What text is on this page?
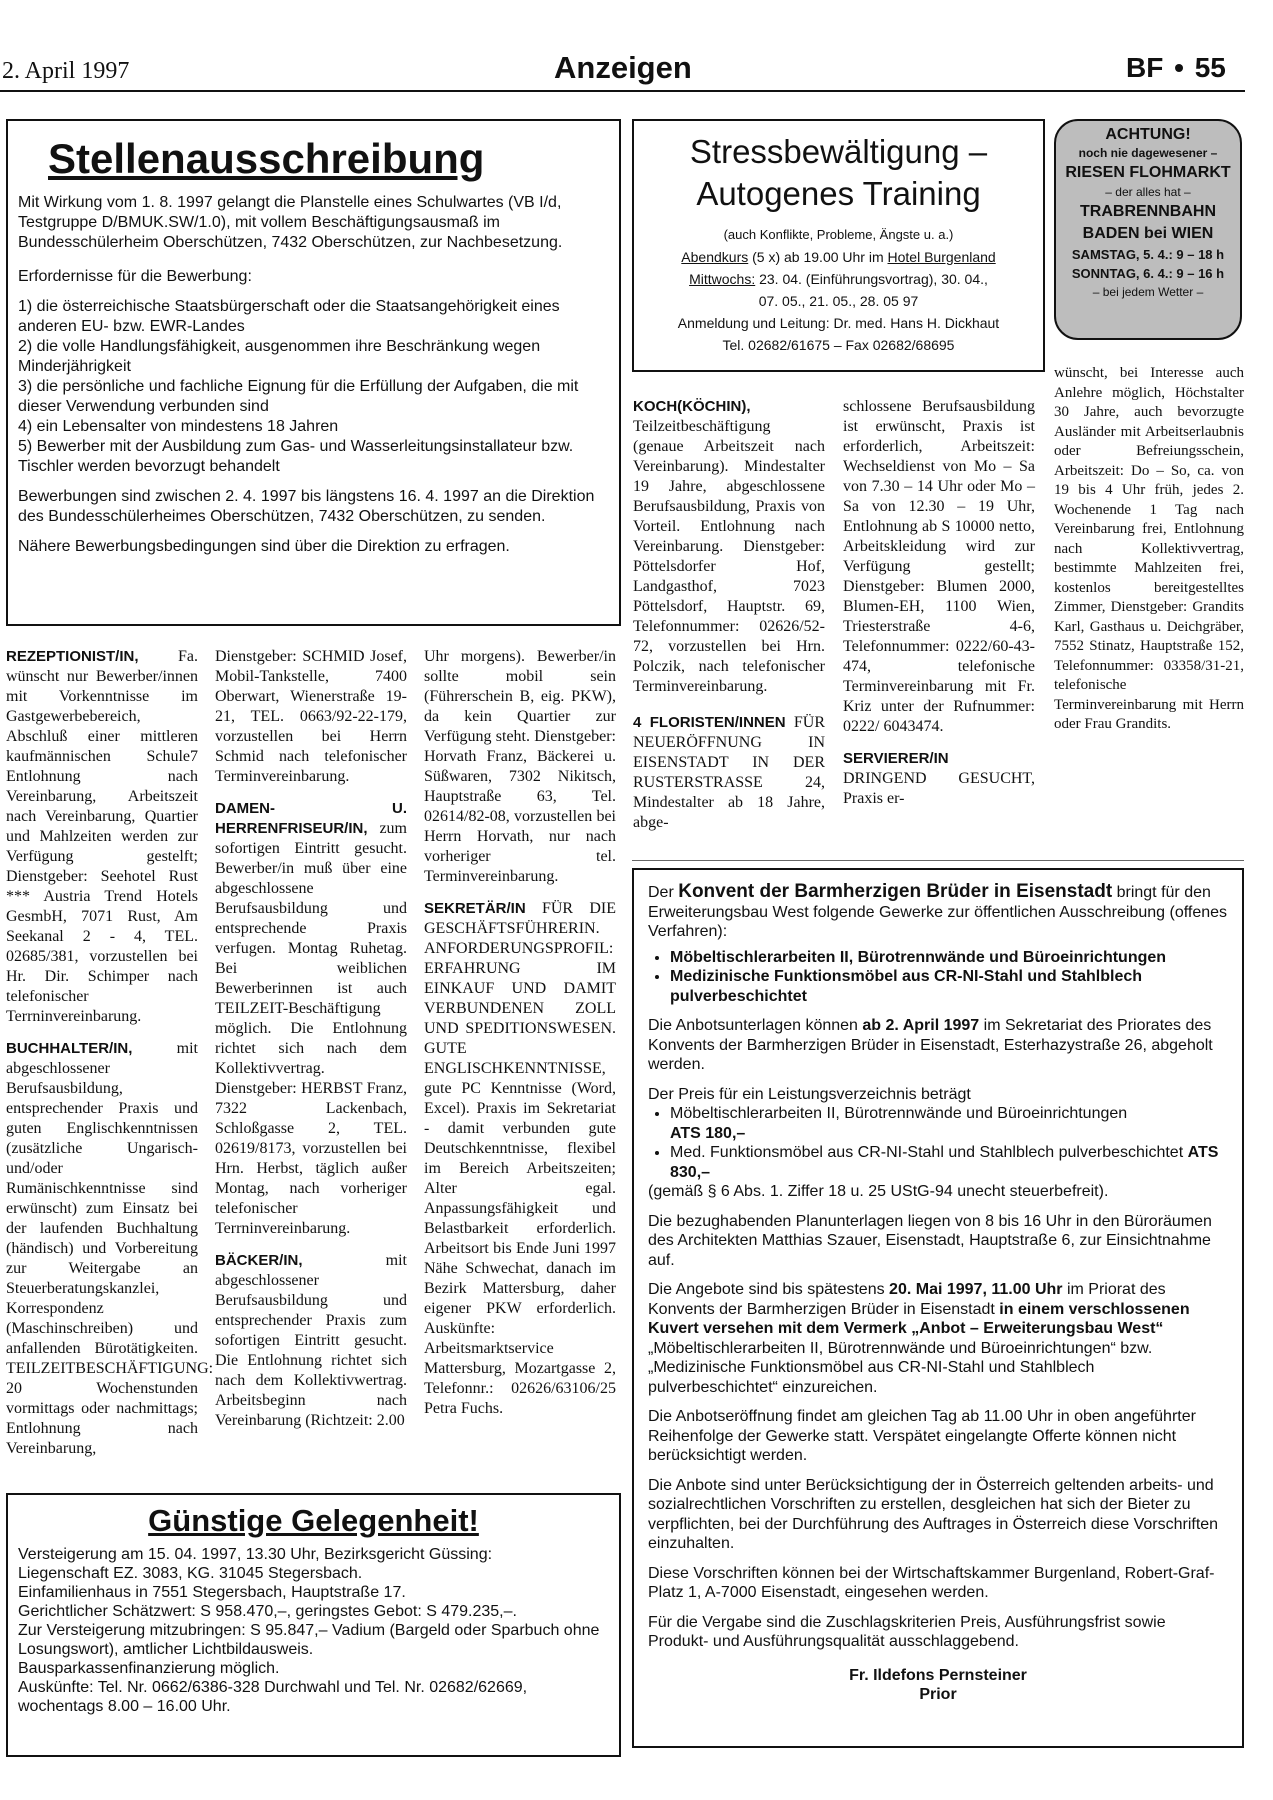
2. April 1997	Anzeigen	BF • 55
Stellenausschreibung

Mit Wirkung vom 1. 8. 1997 gelangt die Planstelle eines Schulwartes (VB I/d, Testgruppe D/BMUK.SW/1.0), mit vollem Beschäftigungsausmaß im Bundesschülerheim Oberschützen, 7432 Oberschützen, zur Nachbesetzung.

Erfordernisse für die Bewerbung:

1) die österreichische Staatsbürgerschaft oder die Staatsangehörigkeit eines anderen EU- bzw. EWR-Landes

2) die volle Handlungsfähigkeit, ausgenommen ihre Beschränkung wegen Minderjährigkeit

3) die persönliche und fachliche Eignung für die Erfüllung der Aufgaben, die mit dieser Verwendung verbunden sind

4) ein Lebensalter von mindestens 18 Jahren

5) Bewerber mit der Ausbildung zum Gas- und Wasserleitungsinstallateur bzw. Tischler werden bevorzugt behandelt

Bewerbungen sind zwischen 2. 4. 1997 bis längstens 16. 4. 1997 an die Direktion des Bundesschülerheimes Oberschützen, 7432 Oberschützen, zu senden.

Nähere Bewerbungsbedingungen sind über die Direktion zu erfragen.

Stressbewältigung –
Autogenes Training
(auch Konflikte, Probleme, Ängste u. a.)
Abendkurs (5 x) ab 19.00 Uhr im Hotel Burgenland
Mittwochs: 23. 04. (Einführungsvortrag), 30. 04.,
07. 05., 21. 05., 28. 05 97
Anmeldung und Leitung: Dr. med. Hans H. Dickhaut
Tel. 02682/61675 – Fax 02682/68695
ACHTUNG!
noch nie dagewesener –
RIESEN FLOHMARKT
– der alles hat –
TRABRENNBAHN
BADEN bei WIEN
SAMSTAG, 5. 4.: 9 – 18 h
SONNTAG, 6. 4.: 9 – 16 h
– bei jedem Wetter –

wünscht, bei Interesse auch Anlehre möglich, Höchstalter 30 Jahre, auch bevorzugte Ausländer mit Arbeitserlaubnis oder Befreiungsschein, Arbeitszeit: Do – So, ca. von 19 bis 4 Uhr früh, jedes 2. Wochenende 1 Tag nach Vereinbarung frei, Entlohnung nach Kollektivvertrag, bestimmte Mahlzeiten frei, kostenlos bereitgestelltes Zimmer, Dienstgeber: Grandits Karl, Gasthaus u. Deichgräber, 7552 Stinatz, Hauptstraße 152, Telefonnummer: 03358/31-21, telefonische Terminvereinbarung mit Herrn oder Frau Grandits.

KOCH(KÖCHIN), Teilzeitbeschäftigung (genaue Arbeitszeit nach Vereinbarung). Mindestalter 19 Jahre, abgeschlossene Berufsausbildung, Praxis von Vorteil. Entlohnung nach Vereinbarung. Dienstgeber: Pöttelsdorfer Hof, Landgasthof, 7023 Pöttelsdorf, Hauptstr. 69, Telefonnummer: 02626/52-72, vorzustellen bei Hrn. Polczik, nach telefonischer Terminvereinbarung.

4 FLORISTEN/INNEN FÜR NEUERÖFFNUNG IN EISENSTADT IN DER RUSTERSTRASSE 24, Mindestalter ab 18 Jahre, abge-

schlossene Berufsausbildung ist erwünscht, Praxis ist erforderlich, Arbeitszeit: Wechseldienst von Mo – Sa von 7.30 – 14 Uhr oder Mo – Sa von 12.30 – 19 Uhr, Entlohnung ab S 10000 netto, Arbeitskleidung wird zur Verfügung gestellt; Dienstgeber: Blumen 2000, Blumen-EH, 1100 Wien, Triesterstraße 4-6, Telefonnummer: 0222/60-43-474, telefonische Terminvereinbarung mit Fr. Kriz unter der Rufnummer: 0222/ 6043474.

SERVIERER/IN DRINGEND GESUCHT, Praxis er-

REZEPTIONIST/IN, Fa. wünscht nur Bewerber/innen mit Vorkenntnisse im Gastgewerbebereich, Abschluß einer mittleren kaufmännischen Schule7 Entlohnung nach Vereinbarung, Arbeitszeit nach Vereinbarung, Quartier und Mahlzeiten werden zur Verfügung gestelft; Dienstgeber: Seehotel Rust *** Austria Trend Hotels GesmbH, 7071 Rust, Am Seekanal 2 - 4, TEL. 02685/381, vorzustellen bei Hr. Dir. Schimper nach telefonischer Terrninvereinbarung.

BUCHHALTER/IN, mit abgeschlossener Berufsausbildung, entsprechender Praxis und guten Englischkenntnissen (zusätzliche Ungarisch- und/oder Rumänischkenntnisse sind erwünscht) zum Einsatz bei der laufenden Buchhaltung (händisch) und Vorbereitung zur Weitergabe an Steuerberatungskanzlei, Korrespondenz (Maschinschreiben) und anfallenden Bürotätigkeiten. TEILZEITBESCHÄFTIGUNG: 20 Wochenstunden vormittags oder nachmittags; Entlohnung nach Vereinbarung,

Dienstgeber: SCHMID Josef, Mobil-Tankstelle, 7400 Oberwart, Wienerstraße 19-21, TEL. 0663/92-22-179, vorzustellen bei Herrn Schmid nach telefonischer Terminvereinbarung.

DAMEN- U. HERRENFRISEUR/IN, zum sofortigen Eintritt gesucht. Bewerber/in muß über eine abgeschlossene Berufsausbildung und entsprechende Praxis verfugen. Montag Ruhetag. Bei weiblichen Bewerberinnen ist auch TEILZEIT-Beschäftigung möglich. Die Entlohnung richtet sich nach dem Kollektivvertrag. Dienstgeber: HERBST Franz, 7322 Lackenbach, Schloßgasse 2, TEL. 02619/8173, vorzustellen bei Hrn. Herbst, täglich außer Montag, nach vorheriger telefonischer Terrninvereinbarung.

BÄCKER/IN, mit abgeschlossener Berufsausbildung und entsprechender Praxis zum sofortigen Eintritt gesucht. Die Entlohnung richtet sich nach dem Kollektivwertrag. Arbeitsbeginn nach Vereinbarung (Richtzeit: 2.00

Uhr morgens). Bewerber/in sollte mobil sein (Führerschein B, eig. PKW), da kein Quartier zur Verfügung steht. Dienstgeber: Horvath Franz, Bäckerei u. Süßwaren, 7302 Nikitsch, Hauptstraße 63, Tel. 02614/82-08, vorzustellen bei Herrn Horvath, nur nach vorheriger tel. Terminvereinbarung.

SEKRETÄR/IN FÜR DIE GESCHÄFTSFÜHRERIN. ANFORDERUNGSPROFIL: ERFAHRUNG IM EINKAUF UND DAMIT VERBUNDENEN ZOLL UND SPEDITIONSWESEN. GUTE ENGLISCHKENNTNISSE, gute PC Kenntnisse (Word, Excel). Praxis im Sekretariat - damit verbunden gute Deutschkenntnisse, flexibel im Bereich Arbeitszeiten; Alter egal. Anpassungsfähigkeit und Belastbarkeit erforderlich. Arbeitsort bis Ende Juni 1997 Nähe Schwechat, danach im Bezirk Mattersburg, daher eigener PKW erforderlich. Auskünfte: Arbeitsmarktservice Mattersburg, Mozartgasse 2, Telefonnr.: 02626/63106/25 Petra Fuchs.

Günstige Gelegenheit!

Versteigerung am 15. 04. 1997, 13.30 Uhr, Bezirksgericht Güssing:

Liegenschaft EZ. 3083, KG. 31045 Stegersbach.

Einfamilienhaus in 7551 Stegersbach, Hauptstraße 17.

Gerichtlicher Schätzwert: S 958.470,–, geringstes Gebot: S 479.235,–.

Zur Versteigerung mitzubringen: S 95.847,– Vadium (Bargeld oder Sparbuch ohne Losungswort), amtlicher Lichtbildausweis.

Bausparkassenfinanzierung möglich.

Auskünfte: Tel. Nr. 0662/6386-328 Durchwahl und Tel. Nr. 02682/62669, wochentags 8.00 – 16.00 Uhr.

Der Konvent der Barmherzigen Brüder in Eisenstadt bringt für den Erweiterungsbau West folgende Gewerke zur öffentlichen Ausschreibung (offenes Verfahren):

• Möbeltischlerarbeiten II, Bürotrennwände und Büroeinrichtungen
• Medizinische Funktionsmöbel aus CR-NI-Stahl und Stahlblech pulverbeschichtet

Die Anbotsunterlagen können ab 2. April 1997 im Sekretariat des Priorates des Konvents der Barmherzigen Brüder in Eisenstadt, Esterhazystraße 26, abgeholt werden.

Der Preis für ein Leistungsverzeichnis beträgt

• Möbeltischlerarbeiten II, Bürotrennwände und Büroeinrichtungen
ATS 180,–
• Med. Funktionsmöbel aus CR-NI-Stahl und Stahlblech pulverbeschichtet ATS 830,–

(gemäß § 6 Abs. 1. Ziffer 18 u. 25 UStG-94 unecht steuerbefreit).

Die bezughabenden Planunterlagen liegen von 8 bis 16 Uhr in den Büroräumen des Architekten Matthias Szauer, Eisenstadt, Hauptstraße 6, zur Einsichtnahme auf.

Die Angebote sind bis spätestens 20. Mai 1997, 11.00 Uhr im Priorat des Konvents der Barmherzigen Brüder in Eisenstadt in einem verschlossenen Kuvert versehen mit dem Vermerk „Anbot – Erweiterungsbau West“ „Möbeltischlerarbeiten II, Bürotrennwände und Büroeinrichtungen“ bzw. „Medizinische Funktionsmöbel aus CR-NI-Stahl und Stahlblech pulverbeschichtet“ einzureichen.

Die Anbotseröffnung findet am gleichen Tag ab 11.00 Uhr in oben angeführter Reihenfolge der Gewerke statt. Verspätet eingelangte Offerte können nicht berücksichtigt werden.

Die Anbote sind unter Berücksichtigung der in Österreich geltenden arbeits- und sozialrechtlichen Vorschriften zu erstellen, desgleichen hat sich der Bieter zu verpflichten, bei der Durchführung des Auftrages in Österreich diese Vorschriften einzuhalten.

Diese Vorschriften können bei der Wirtschaftskammer Burgenland, Robert-Graf-Platz 1, A-7000 Eisenstadt, eingesehen werden.

Für die Vergabe sind die Zuschlagskriterien Preis, Ausführungsfrist sowie Produkt- und Ausführungsqualität ausschlaggebend.

Fr. Ildefons Pernsteiner

Prior
